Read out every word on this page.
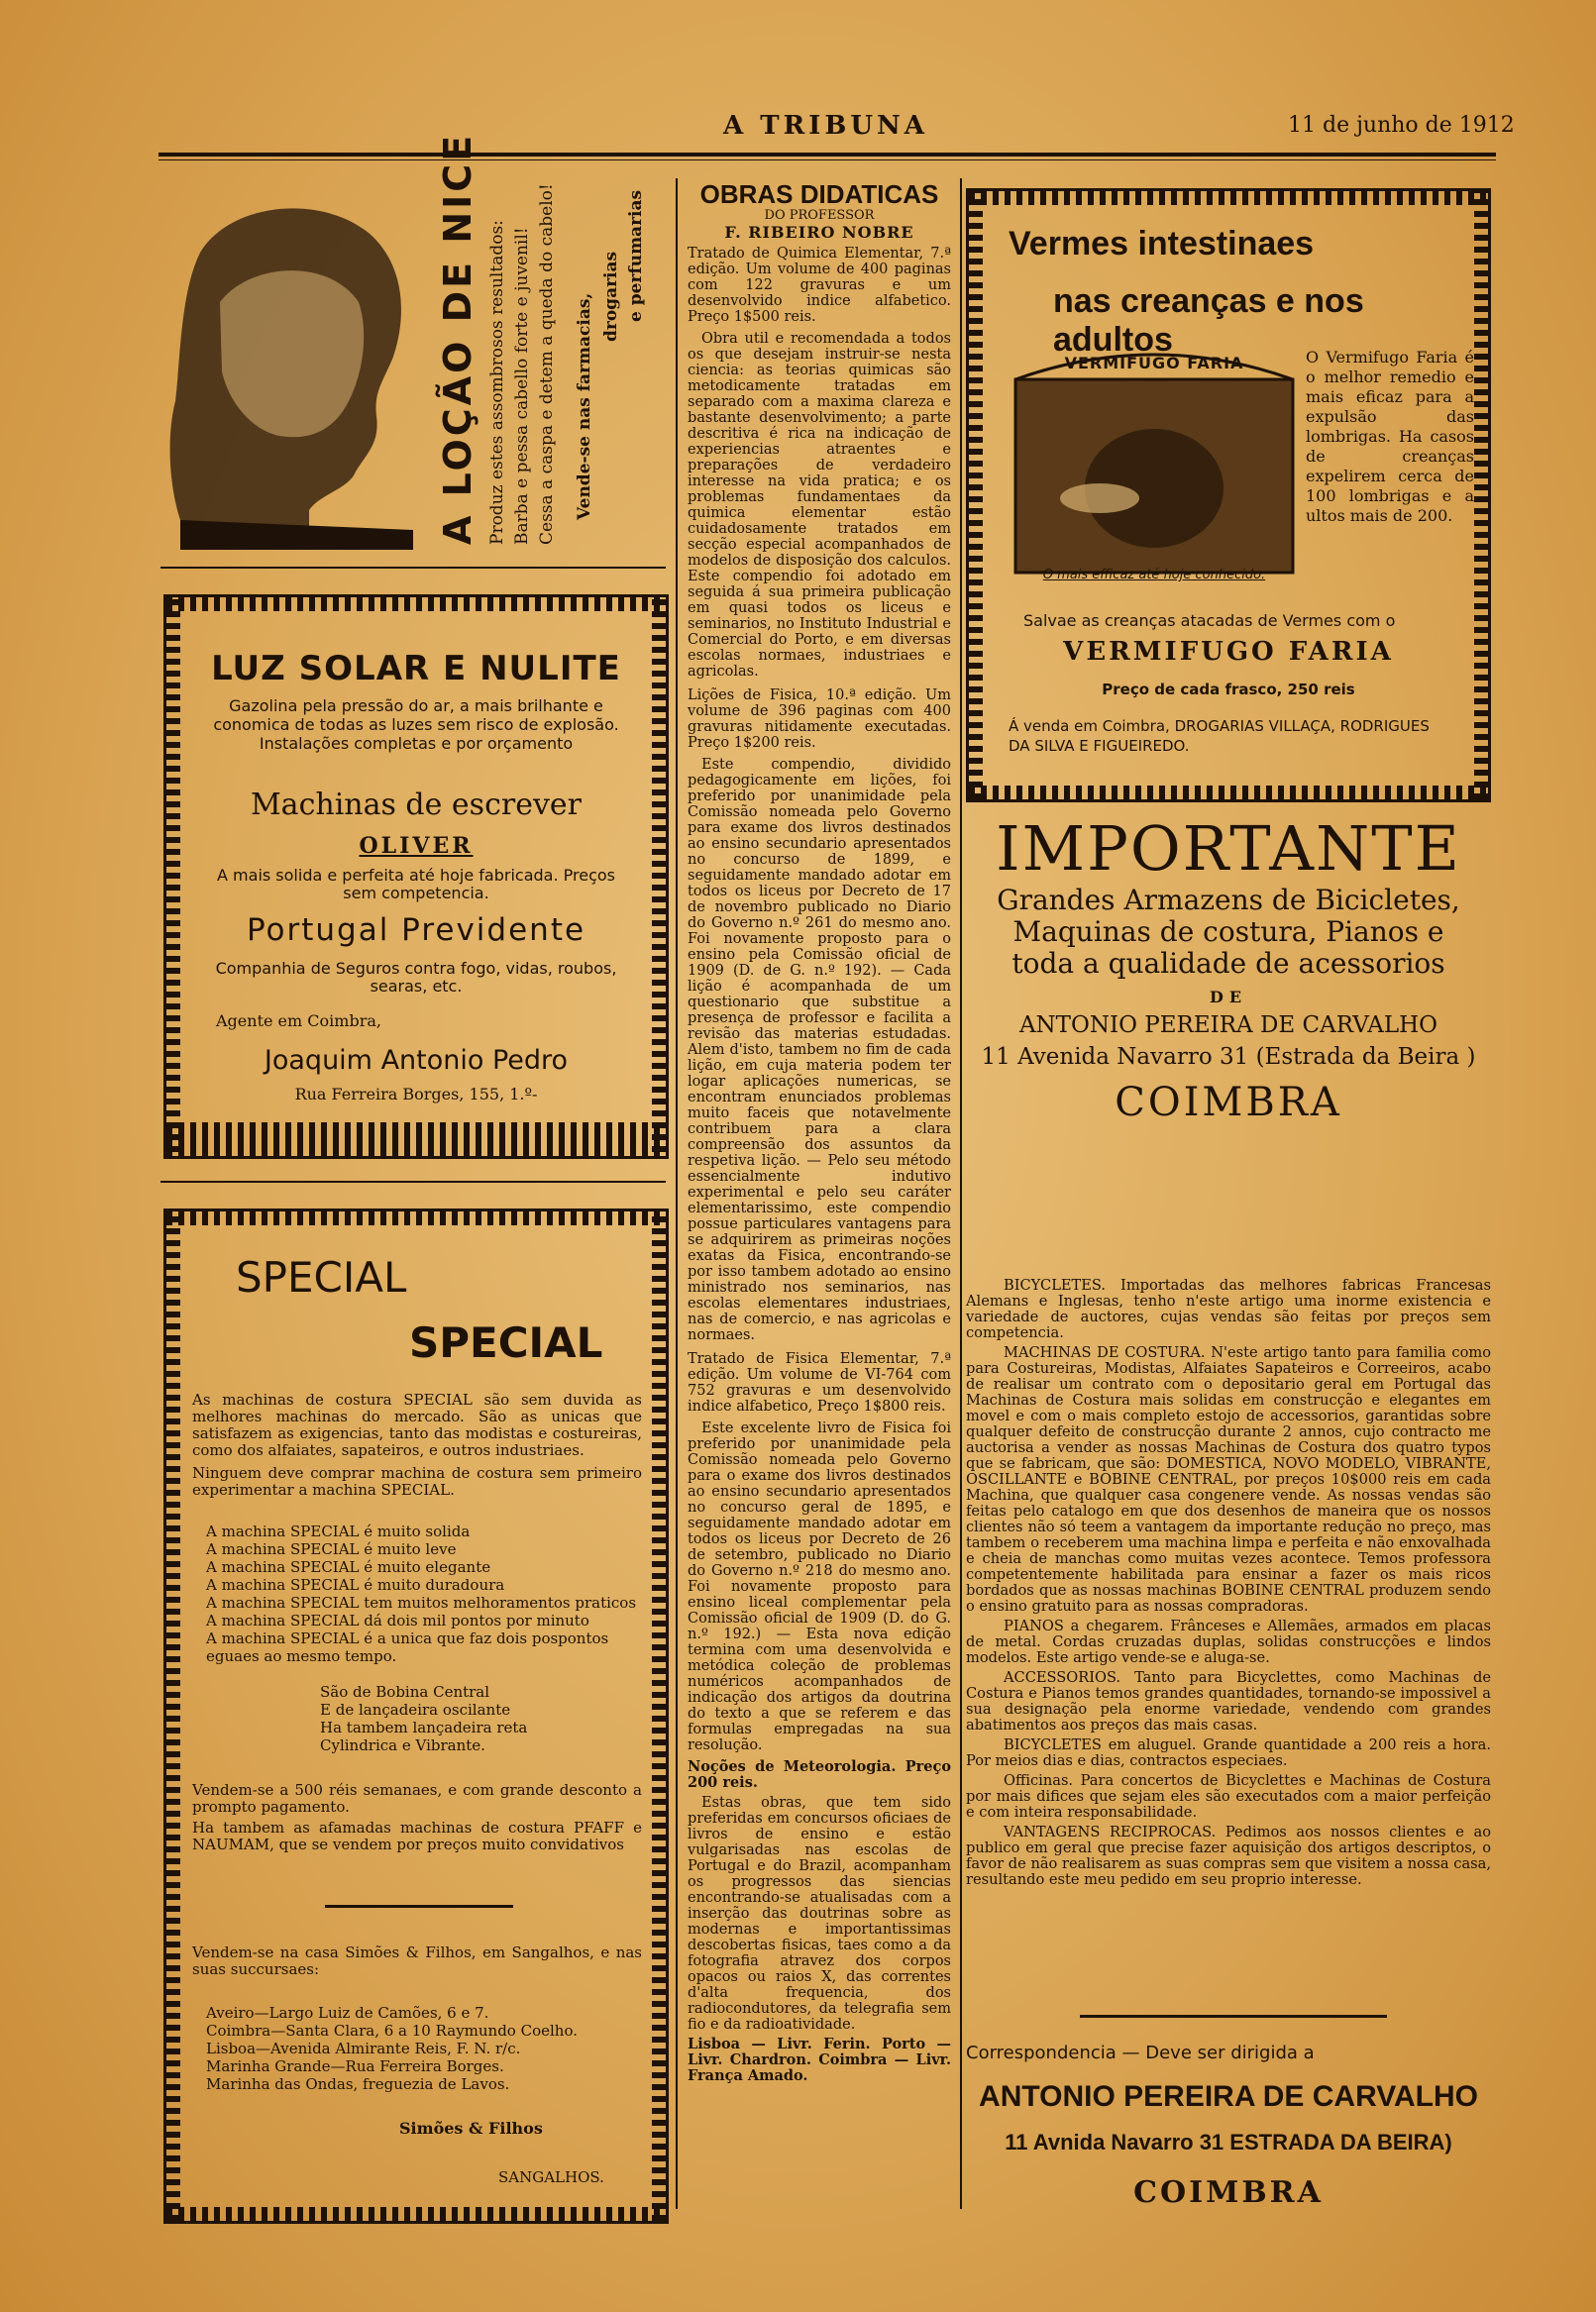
A TRIBUNA	11 de junho de 1912
A LOÇÃO DE NICE Produz estes assombrosos resultados: Barba e pessa cabello forte e juvenil! Cessa a caspa e detem a queda do cabelo! Vende-se nas farmacias, drogarias e perfumarias
LUZ SOLAR E NULITE
Gazolina pela pressão do ar, a mais brilhante e conomica de todas as luzes sem risco de explosão. Instalações completas e por orçamento
Machinas de escrever
OLIVER
A mais solida e perfeita até hoje fabricada. Preços sem competencia.
Portugal Previdente
Companhia de Seguros contra fogo, vidas, roubos, searas, etc.
Agente em Coimbra,
Joaquim Antonio Pedro
Rua Ferreira Borges, 155, 1.º-
SPECIAL
SPECIAL
As machinas de costura SPECIAL são sem duvida as melhores machinas do mercado. São as unicas que satisfazem as exigencias, tanto das modistas e costureiras, como dos alfaiates, sapateiros, e outros industriaes.
Ninguem deve comprar machina de costura sem primeiro experimentar a machina SPECIAL.

A machina SPECIAL é muito solida

A machina SPECIAL é muito leve

A machina SPECIAL é muito elegante

A machina SPECIAL é muito duradoura

A machina SPECIAL tem muitos melhoramentos praticos

A machina SPECIAL dá dois mil pontos por minuto

A machina SPECIAL é a unica que faz dois pospontos eguaes ao mesmo tempo.

São de Bobina Central

E de lançadeira oscilante

Ha tambem lançadeira reta

Cylindrica e Vibrante.

Vendem-se a 500 réis semanaes, e com grande desconto a prompto pagamento.
Ha tambem as afamadas machinas de costura PFAFF e NAUMAM, que se vendem por preços muito convidativos
Vendem-se na casa Simões & Filhos, em Sangalhos, e nas suas succursaes:

Aveiro—Largo Luiz de Camões, 6 e 7.

Coimbra—Santa Clara, 6 a 10 Raymundo Coelho.

Lisboa—Avenida Almirante Reis, F. N. r/c.

Marinha Grande—Rua Ferreira Borges.

Marinha das Ondas, freguezia de Lavos.

Simões & Filhos
SANGALHOS.
OBRAS DIDATICAS
DO PROFESSOR
F. RIBEIRO NOBRE
Tratado de Quimica Elementar, 7.ª edição. Um volume de 400 paginas com 122 gravuras e um desenvolvido indice alfabetico. Preço 1$500 reis.
Obra util e recomendada a todos os que desejam instruir-se nesta ciencia: as teorias quimicas são metodicamente tratadas em separado com a maxima clareza e bastante desenvolvimento; a parte descritiva é rica na indicação de experiencias atraentes e preparações de verdadeiro interesse na vida pratica; e os problemas fundamentaes da quimica elementar estão cuidadosamente tratados em secção especial acompanhados de modelos de disposição dos calculos. Este compendio foi adotado em seguida á sua primeira publicação em quasi todos os liceus e seminarios, no Instituto Industrial e Comercial do Porto, e em diversas escolas normaes, industriaes e agricolas.
Lições de Fisica, 10.ª edição. Um volume de 396 paginas com 400 gravuras nitidamente executadas. Preço 1$200 reis.
Este compendio, dividido pedagogicamente em lições, foi preferido por unanimidade pela Comissão nomeada pelo Governo para exame dos livros destinados ao ensino secundario apresentados no concurso de 1899, e seguidamente mandado adotar em todos os liceus por Decreto de 17 de novembro publicado no Diario do Governo n.º 261 do mesmo ano. Foi novamente proposto para o ensino pela Comissão oficial de 1909 (D. de G. n.º 192). — Cada lição é acompanhada de um questionario que substitue a presença de professor e facilita a revisão das materias estudadas. Alem d'isto, tambem no fim de cada lição, em cuja materia podem ter logar aplicações numericas, se encontram enunciados problemas muito faceis que notavelmente contribuem para a clara compreensão dos assuntos da respetiva lição. — Pelo seu método essencialmente indutivo experimental e pelo seu caráter elementarissimo, este compendio possue particulares vantagens para se adquirirem as primeiras noções exatas da Fisica, encontrando-se por isso tambem adotado ao ensino ministrado nos seminarios, nas escolas elementares industriaes, nas de comercio, e nas agricolas e normaes.
Tratado de Fisica Elementar, 7.ª edição. Um volume de VI-764 com 752 gravuras e um desenvolvido indice alfabetico, Preço 1$800 reis.
Este excelente livro de Fisica foi preferido por unanimidade pela Comissão nomeada pelo Governo para o exame dos livros destinados ao ensino secundario apresentados no concurso geral de 1895, e seguidamente mandado adotar em todos os liceus por Decreto de 26 de setembro, publicado no Diario do Governo n.º 218 do mesmo ano. Foi novamente proposto para ensino liceal complementar pela Comissão oficial de 1909 (D. do G. n.º 192.) — Esta nova edição termina com uma desenvolvida e metódica coleção de problemas numéricos acompanhados de indicação dos artigos da doutrina do texto a que se referem e das formulas empregadas na sua resolução.
Noções de Meteorologia. Preço 200 reis.
Estas obras, que tem sido preferidas em concursos oficiaes de livros de ensino e estão vulgarisadas nas escolas de Portugal e do Brazil, acompanham os progressos das siencias encontrando-se atualisadas com a inserção das doutrinas sobre as modernas e importantissimas descobertas fisicas, taes como a da fotografia atravez dos corpos opacos ou raios X, das correntes d'alta frequencia, dos radiocondutores, da telegrafia sem fio e da radioatividade.
Lisboa — Livr. Ferin. Porto — Livr. Chardron. Coimbra — Livr. França Amado.
Vermes intestinaes
nas creanças e nos adultos
VERMIFUGO FARIA
O mais efficaz até hoje conhecido.
O Vermifugo Faria é o melhor remedio e mais eficaz para a expulsão das lombrigas. Ha casos de creanças expelirem cerca de 100 lombrigas e a ultos mais de 200.
Salvae as creanças atacadas de Vermes com o
VERMIFUGO FARIA
Preço de cada frasco, 250 reis
Á venda em Coimbra, DROGARIAS VILLAÇA, RODRIGUES DA SILVA E FIGUEIREDO.
IMPORTANTE
Grandes Armazens de Bicicletes,
Maquinas de costura, Pianos e
toda a qualidade de acessorios
DE
ANTONIO PEREIRA DE CARVALHO
11 Avenida Navarro 31 (Estrada da Beira )
COIMBRA
BICYCLETES. Importadas das melhores fabricas Francesas Alemans e Inglesas, tenho n'este artigo uma inorme existencia e variedade de auctores, cujas vendas são feitas por preços sem competencia.
MACHINAS DE COSTURA. N'este artigo tanto para familia como para Costureiras, Modistas, Alfaiates Sapateiros e Correeiros, acabo de realisar um contrato com o depositario geral em Portugal das Machinas de Costura mais solidas em construcção e elegantes em movel e com o mais completo estojo de accessorios, garantidas sobre qualquer defeito de construcção durante 2 annos, cujo contracto me auctorisa a vender as nossas Machinas de Costura dos quatro typos que se fabricam, que são: DOMESTICA, NOVO MODELO, VIBRANTE, OSCILLANTE e BOBINE CENTRAL, por preços 10$000 reis em cada Machina, que qualquer casa congenere vende. As nossas vendas são feitas pelo catalogo em que dos desenhos de maneira que os nossos clientes não só teem a vantagem da importante redução no preço, mas tambem o receberem uma machina limpa e perfeita e não enxovalhada e cheia de manchas como muitas vezes acontece. Temos professora competentemente habilitada para ensinar a fazer os mais ricos bordados que as nossas machinas BOBINE CENTRAL produzem sendo o ensino gratuito para as nossas compradoras.
PIANOS a chegarem. Frânceses e Allemães, armados em placas de metal. Cordas cruzadas duplas, solidas construcções e lindos modelos. Este artigo vende-se e aluga-se.
ACCESSORIOS. Tanto para Bicyclettes, como Machinas de Costura e Pianos temos grandes quantidades, tornando-se impossivel a sua designação pela enorme variedade, vendendo com grandes abatimentos aos preços das mais casas.
BICYCLETES em aluguel. Grande quantidade a 200 reis a hora. Por meios dias e dias, contractos especiaes.
Officinas. Para concertos de Bicyclettes e Machinas de Costura por mais difices que sejam eles são executados com a maior perfeição e com inteira responsabilidade.
VANTAGENS RECIPROCAS. Pedimos aos nossos clientes e ao publico em geral que precise fazer aquisição dos artigos descriptos, o favor de não realisarem as suas compras sem que visitem a nossa casa, resultando este meu pedido em seu proprio interesse.
Correspondencia — Deve ser dirigida a
ANTONIO PEREIRA DE CARVALHO
11 Avnida Navarro 31 ESTRADA DA BEIRA)
COIMBRA
